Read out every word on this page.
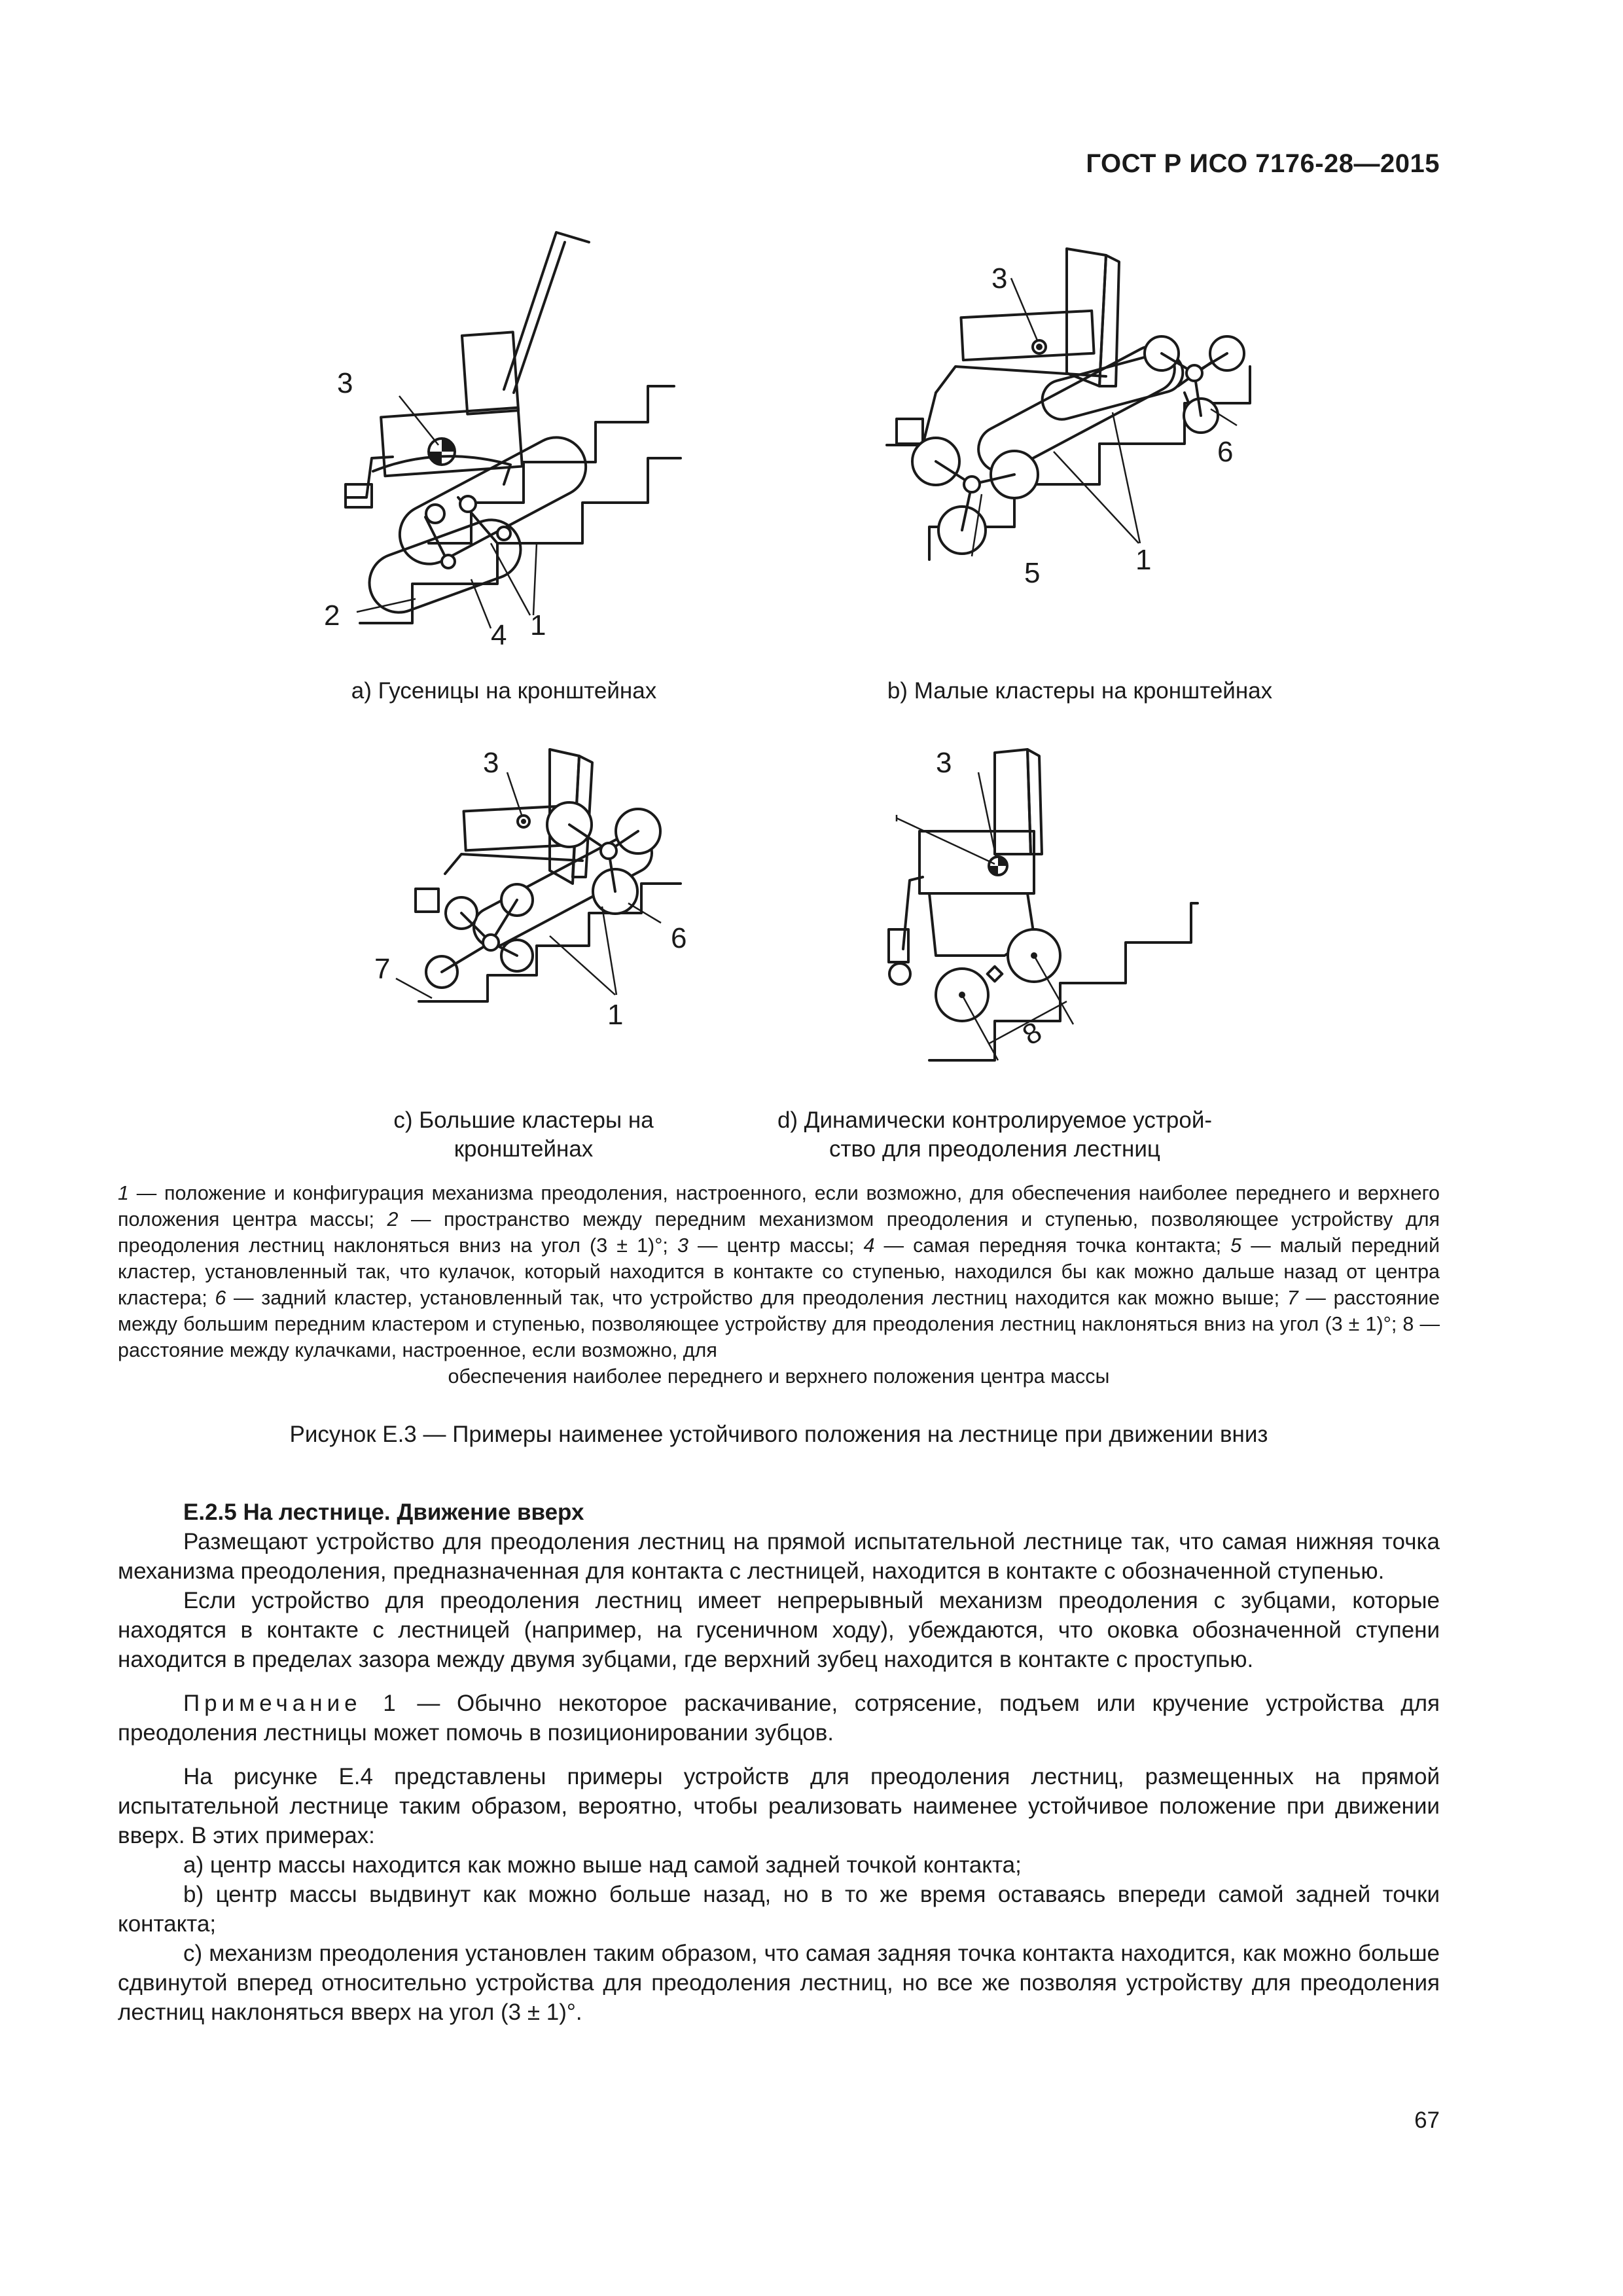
ГОСТ Р ИСО 7176-28—2015
3
2
4 1
3
6
5	1
a) Гусеницы на кронштейнах	b) Малые кластеры на кронштейнах
3
6
7
1
3
8
c) Большие кластеры на
кронштейнах
d) Динамически контролируемое устрой-
ство для преодоления лестниц
1 — положение и конфигурация механизма преодоления, настроенного, если возможно, для обеспечения наиболее переднего и верхнего положения центра массы; 2 — пространство между передним механизмом преодоления и ступенью, позволяющее устройству для преодоления лестниц наклоняться вниз на угол (3 ± 1)°; 3 — центр массы; 4 — самая передняя точка контакта; 5 — малый передний кластер, установленный так, что кулачок, который находится в контакте со ступенью, находился бы как можно дальше назад от центра кластера; 6 — задний кластер, установленный так, что устройство для преодоления лестниц находится как можно выше; 7 — расстояние между большим передним кластером и ступенью, позволяющее устройству для преодоления лестниц наклоняться вниз на угол (3 ± 1)°; 8 — расстояние между кулачками, настроенное, если возможно, для
обеспечения наиболее переднего и верхнего положения центра массы
Рисунок E.3 — Примеры наименее устойчивого положения на лестнице при движении вниз
E.2.5 На лестнице. Движение вверх

Размещают устройство для преодоления лестниц на прямой испытательной лестнице так, что самая нижняя точка механизма преодоления, предназначенная для контакта с лестницей, находится в контакте с обозначенной ступенью.

Если устройство для преодоления лестниц имеет непрерывный механизм преодоления с зубцами, которые находятся в контакте с лестницей (например, на гусеничном ходу), убеждаются, что оковка обозначенной ступени находится в пределах зазора между двумя зубцами, где верхний зубец находится в контакте с проступью.

Примечание 1 — Обычно некоторое раскачивание, сотрясение, подъем или кручение устройства для преодоления лестницы может помочь в позиционировании зубцов.

На рисунке E.4 представлены примеры устройств для преодоления лестниц, размещенных на прямой испытательной лестнице таким образом, вероятно, чтобы реализовать наименее устойчивое положение при движении вверх. В этих примерах:

a) центр массы находится как можно выше над самой задней точкой контакта;

b) центр массы выдвинут как можно больше назад, но в то же время оставаясь впереди самой задней точки контакта;

c) механизм преодоления установлен таким образом, что самая задняя точка контакта находится, как можно больше сдвинутой вперед относительно устройства для преодоления лестниц, но все же позволяя устройству для преодоления лестниц наклоняться вверх на угол (3 ± 1)°.

67
